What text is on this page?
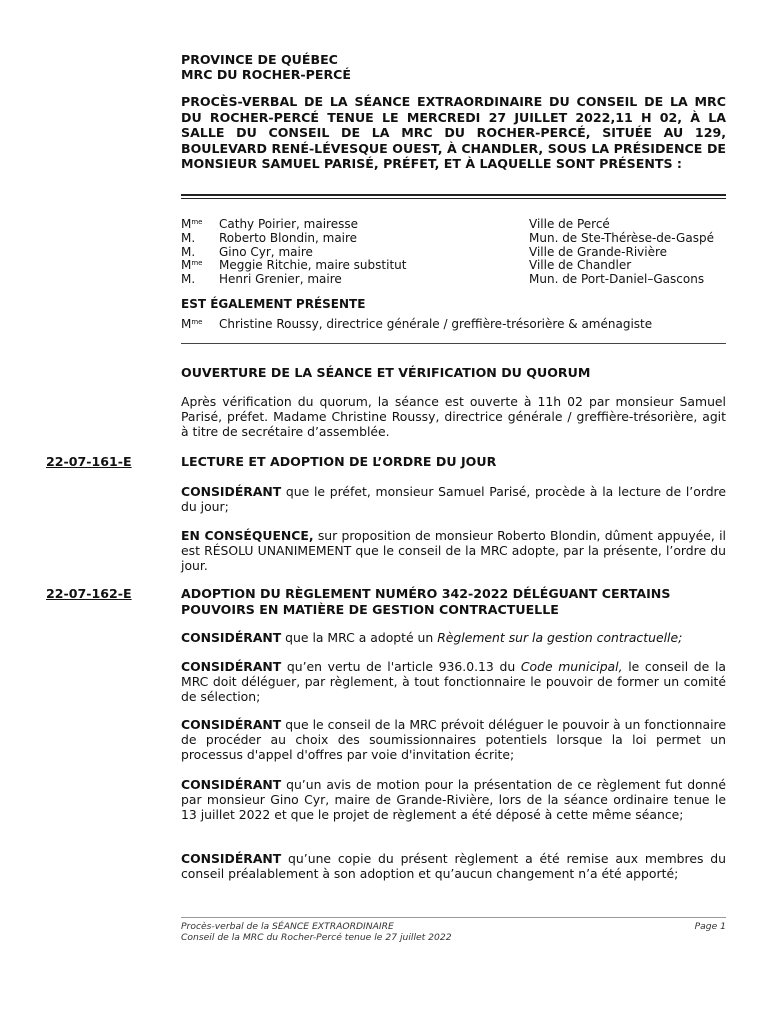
PROVINCE DE QUÉBEC
MRC DU ROCHER-PERCÉ
PROCÈS-VERBAL DE LA SÉANCE EXTRAORDINAIRE DU CONSEIL DE LA MRC DU ROCHER-PERCÉ TENUE LE MERCREDI 27 JUILLET 2022,11 H 02, À LA SALLE DU CONSEIL DE LA MRC DU ROCHER-PERCÉ, SITUÉE AU 129, BOULEVARD RENÉ-LÉVESQUE OUEST, À CHANDLER, SOUS LA PRÉSIDENCE DE MONSIEUR SAMUEL PARISÉ, PRÉFET, ET À LAQUELLE SONT PRÉSENTS :
$M^{me}$ Cathy Poirier, mairesse	Ville de Percé
M. Roberto Blondin, maire	Mun. de Ste-Thérèse-de-Gaspé
M. Gino Cyr, maire	Ville de Grande-Rivière
$M^{me}$ Meggie Ritchie, maire substitut	Ville de Chandler
M. Henri Grenier, maire	Mun. de Port-Daniel–Gascons
EST ÉGALEMENT PRÉSENTE
$M^{me}$ Christine Roussy, directrice générale / greffière-trésorière & aménagiste
OUVERTURE DE LA SÉANCE ET VÉRIFICATION DU QUORUM
Après vérification du quorum, la séance est ouverte à 11h 02 par monsieur Samuel Parisé, préfet. Madame Christine Roussy, directrice générale / greffière-trésorière, agit à titre de secrétaire d’assemblée.
22-07-161-E	LECTURE ET ADOPTION DE L’ORDRE DU JOUR
CONSIDÉRANT que le préfet, monsieur Samuel Parisé, procède à la lecture de l’ordre du jour;
EN CONSÉQUENCE, sur proposition de monsieur Roberto Blondin, dûment appuyée, il est RÉSOLU UNANIMEMENT que le conseil de la MRC adopte, par la présente, l’ordre du jour.
22-07-162-E	ADOPTION DU RÈGLEMENT NUMÉRO 342-2022 DÉLÉGUANT CERTAINS POUVOIRS EN MATIÈRE DE GESTION CONTRACTUELLE
CONSIDÉRANT que la MRC a adopté un Règlement sur la gestion contractuelle;
CONSIDÉRANT qu’en vertu de l'article 936.0.13 du Code municipal, le conseil de la MRC doit déléguer, par règlement, à tout fonctionnaire le pouvoir de former un comité de sélection;
CONSIDÉRANT que le conseil de la MRC prévoit déléguer le pouvoir à un fonctionnaire de procéder au choix des soumissionnaires potentiels lorsque la loi permet un processus d'appel d'offres par voie d'invitation écrite;
CONSIDÉRANT qu’un avis de motion pour la présentation de ce règlement fut donné par monsieur Gino Cyr, maire de Grande-Rivière, lors de la séance ordinaire tenue le 13 juillet 2022 et que le projet de règlement a été déposé à cette même séance;
CONSIDÉRANT qu’une copie du présent règlement a été remise aux membres du conseil préalablement à son adoption et qu’aucun changement n’a été apporté;
Procès-verbal de la SÉANCE EXTRAORDINAIRE
Conseil de la MRC du Rocher-Percé tenue le 27 juillet 2022
Page 1
